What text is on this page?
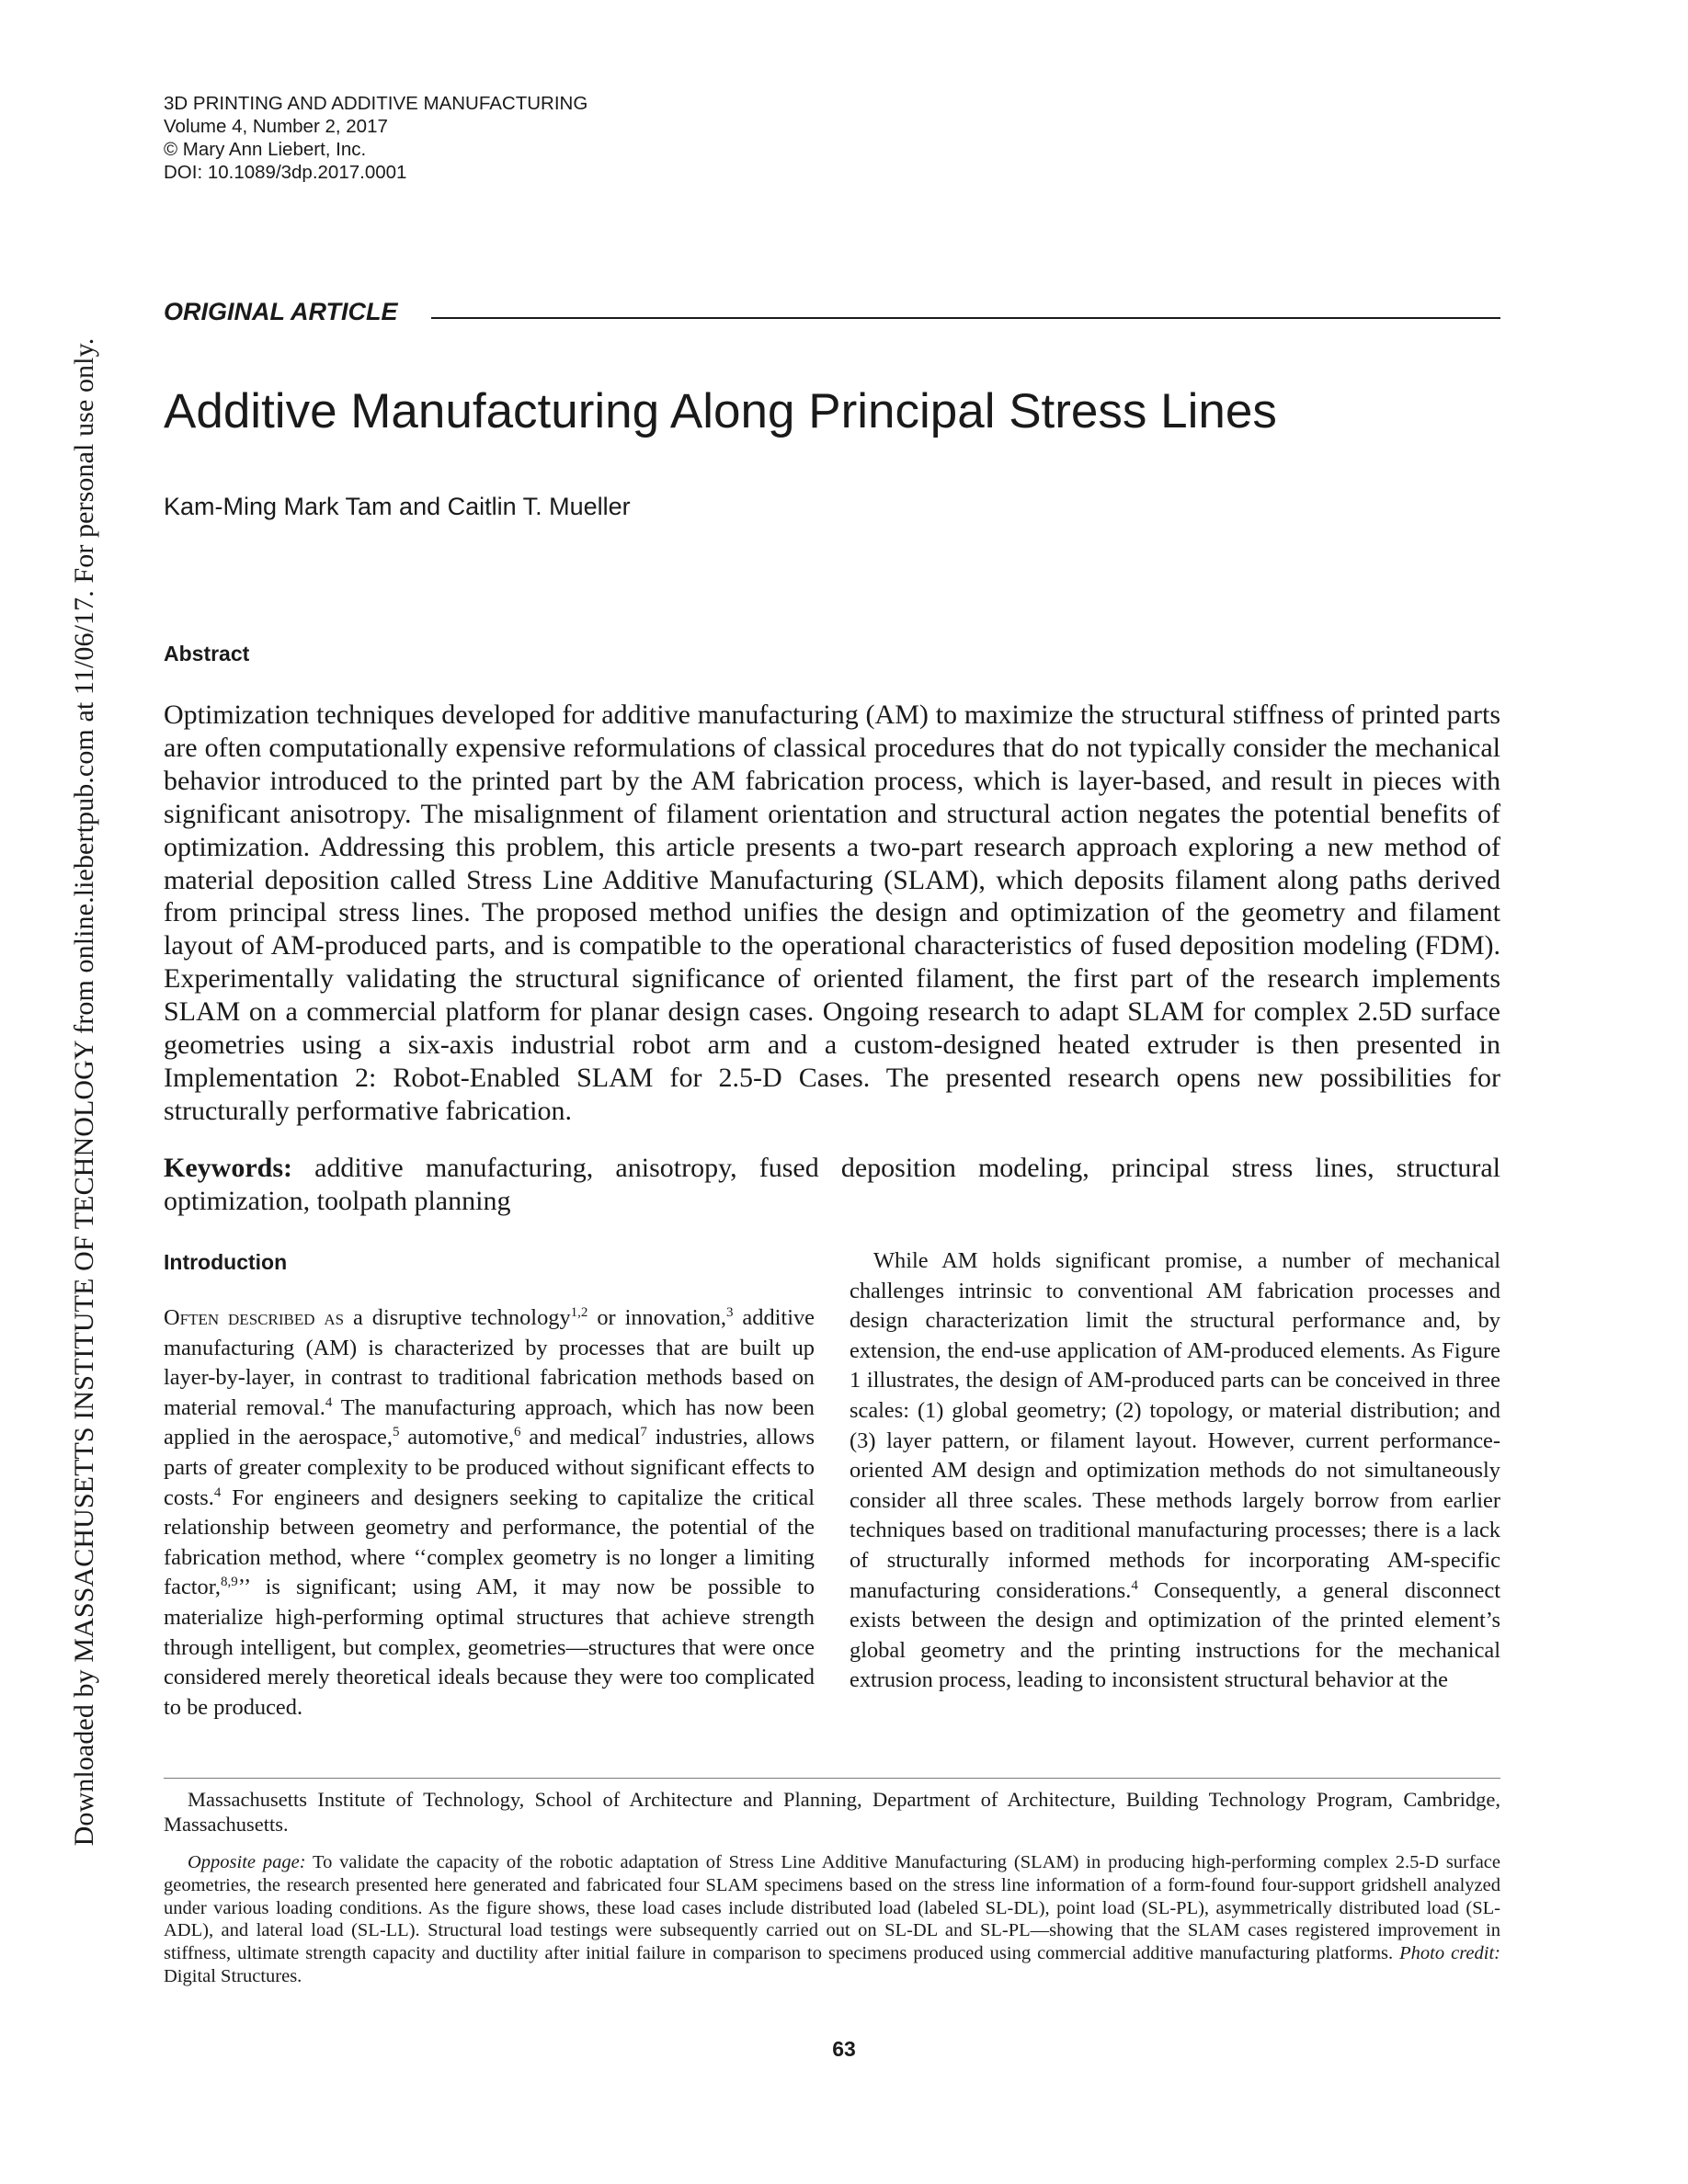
3D PRINTING AND ADDITIVE MANUFACTURING
Volume 4, Number 2, 2017
© Mary Ann Liebert, Inc.
DOI: 10.1089/3dp.2017.0001
Downloaded by MASSACHUSETTS INSTITUTE OF TECHNOLOGY from online.liebertpub.com at 11/06/17. For personal use only.
ORIGINAL ARTICLE
Additive Manufacturing Along Principal Stress Lines
Kam-Ming Mark Tam and Caitlin T. Mueller
Abstract

Optimization techniques developed for additive manufacturing (AM) to maximize the structural stiffness of printed parts are often computationally expensive reformulations of classical procedures that do not typically consider the mechanical behavior introduced to the printed part by the AM fabrication process, which is layer-based, and result in pieces with significant anisotropy. The misalignment of filament orientation and structural action negates the potential benefits of optimization. Addressing this problem, this article presents a two-part research approach exploring a new method of material deposition called Stress Line Additive Manufacturing (SLAM), which deposits filament along paths derived from principal stress lines. The proposed method unifies the design and optimization of the geometry and filament layout of AM-produced parts, and is compatible to the operational characteristics of fused deposition modeling (FDM). Experimentally validating the structural significance of oriented filament, the first part of the research implements SLAM on a commercial platform for planar design cases. Ongoing research to adapt SLAM for complex 2.5D surface geometries using a six-axis industrial robot arm and a custom-designed heated extruder is then presented in Implementation 2: Robot-Enabled SLAM for 2.5-D Cases. The presented research opens new possibilities for structurally performative fabrication.

Keywords: additive manufacturing, anisotropy, fused deposition modeling, principal stress lines, structural optimization, toolpath planning

Introduction

Often described as a disruptive technology$^{1,2}$ or innovation,$^3$ additive manufacturing (AM) is characterized by processes that are built up layer-by-layer, in contrast to traditional fabrication methods based on material removal.$^4$ The manufacturing approach, which has now been applied in the aerospace,$^5$ automotive,$^6$ and medical$^7$ industries, allows parts of greater complexity to be produced without significant effects to costs.$^4$ For engineers and designers seeking to capitalize the critical relationship between geometry and performance, the potential of the fabrication method, where ‘‘complex geometry is no longer a limiting factor,$^{8,9}$’’ is significant; using AM, it may now be possible to materialize high-performing optimal structures that achieve strength through intelligent, but complex, geometries—structures that were once considered merely theoretical ideals because they were too complicated to be produced.

While AM holds significant promise, a number of mechanical challenges intrinsic to conventional AM fabrication processes and design characterization limit the structural performance and, by extension, the end-use application of AM-produced elements. As Figure 1 illustrates, the design of AM-produced parts can be conceived in three scales: (1) global geometry; (2) topology, or material distribution; and (3) layer pattern, or filament layout. However, current performance-oriented AM design and optimization methods do not simultaneously consider all three scales. These methods largely borrow from earlier techniques based on traditional manufacturing processes; there is a lack of structurally informed methods for incorporating AM-specific manufacturing considerations.$^4$ Consequently, a general disconnect exists between the design and optimization of the printed element’s global geometry and the printing instructions for the mechanical extrusion process, leading to inconsistent structural behavior at the

Massachusetts Institute of Technology, School of Architecture and Planning, Department of Architecture, Building Technology Program, Cambridge, Massachusetts.

Opposite page: To validate the capacity of the robotic adaptation of Stress Line Additive Manufacturing (SLAM) in producing high-performing complex 2.5-D surface geometries, the research presented here generated and fabricated four SLAM specimens based on the stress line information of a form-found four-support gridshell analyzed under various loading conditions. As the figure shows, these load cases include distributed load (labeled SL-DL), point load (SL-PL), asymmetrically distributed load (SL-ADL), and lateral load (SL-LL). Structural load testings were subsequently carried out on SL-DL and SL-PL—showing that the SLAM cases registered improvement in stiffness, ultimate strength capacity and ductility after initial failure in comparison to specimens produced using commercial additive manufacturing platforms. Photo credit: Digital Structures.

63
